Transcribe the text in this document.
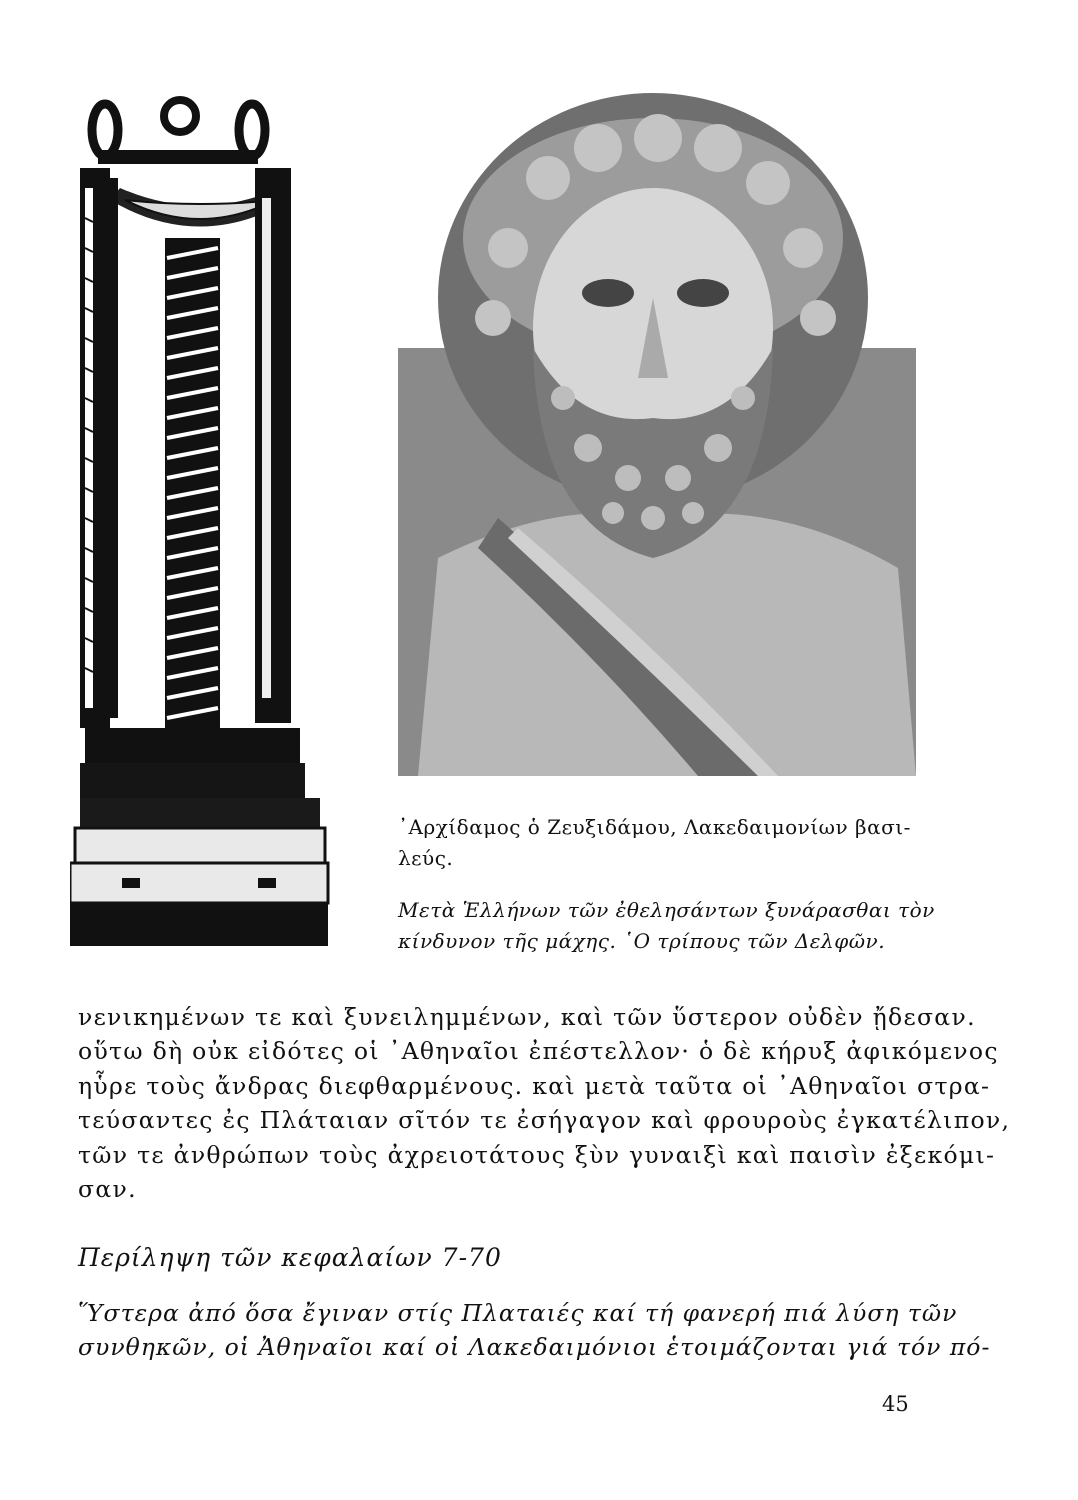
᾿Αρχίδαμος ὁ Ζευξιδάμου, Λακεδαιμονίων βασι-
λεύς.
Μετὰ Ἑλλήνων τῶν ἐθελησάντων ξυνάρασθαι τὸν
κίνδυνον τῆς μάχης. ῾Ο τρίπους τῶν Δελφῶν.
νενικημένων τε καὶ ξυνειλημμένων, καὶ τῶν ὕστερον οὐδὲν ᾔδεσαν.
οὕτω δὴ οὐκ εἰδότες οἱ ᾿Αθηναῖοι ἐπέστελλον· ὁ δὲ κήρυξ ἀφικόμενος
ηὗρε τοὺς ἄνδρας διεφθαρμένους. καὶ μετὰ ταῦτα οἱ ᾿Αθηναῖοι στρα-
τεύσαντες ἐς Πλάταιαν σῖτόν τε ἐσήγαγον καὶ φρουροὺς ἐγκατέλιπον,
τῶν τε ἀνθρώπων τοὺς ἀχρειοτάτους ξὺν γυναιξὶ καὶ παισὶν ἐξεκόμι-
σαν.
Περίληψη τῶν κεφαλαίων 7-70
Ὕστερα ἀπό ὅσα ἔγιναν στίς Πλαταιές καί τή φανερή πιά λύση τῶν
συνθηκῶν, οἱ Ἀθηναῖοι καί οἱ Λακεδαιμόνιοι ἑτοιμάζονται γιά τόν πό-
45
